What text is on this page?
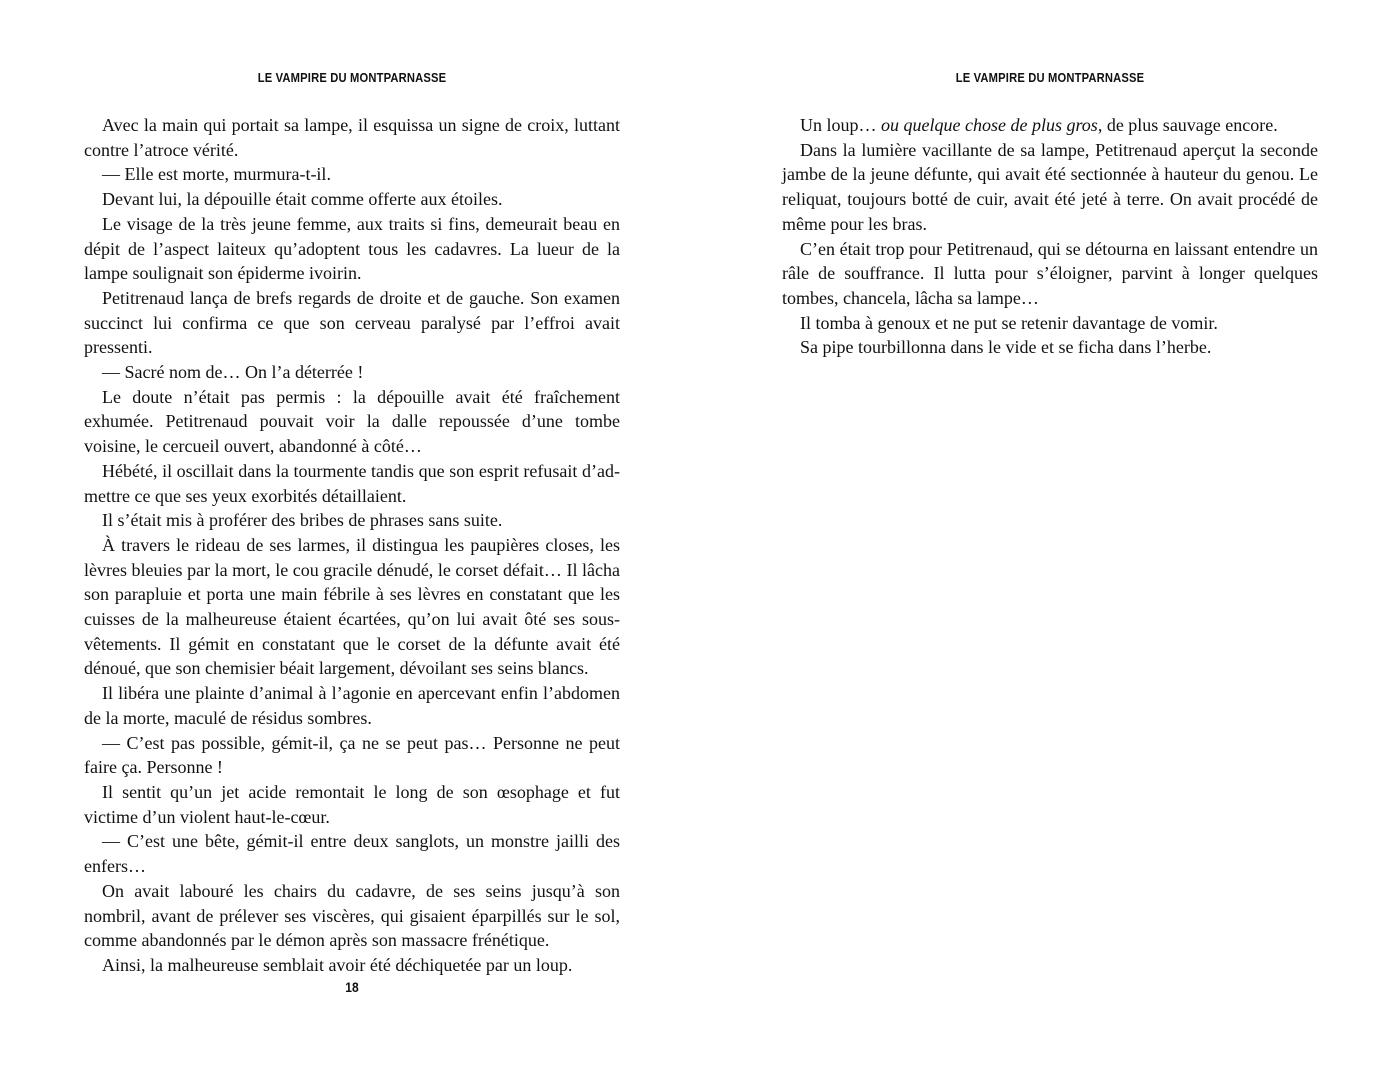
LE VAMPIRE DU MONTPARNASSE

Avec la main qui portait sa lampe, il esquissa un signe de croix, luttant contre l’atroce vérité.

— Elle est morte, murmura-t-il.

Devant lui, la dépouille était comme offerte aux étoiles.

Le visage de la très jeune femme, aux traits si fins, demeurait beau en dépit de l’aspect laiteux qu’adoptent tous les cadavres. La lueur de la lampe soulignait son épiderme ivoirin.

Petitrenaud lança de brefs regards de droite et de gauche. Son examen succinct lui confirma ce que son cerveau paralysé par l’effroi avait pressenti.

— Sacré nom de… On l’a déterrée !

Le doute n’était pas permis : la dépouille avait été fraîchement exhumée. Petitrenaud pouvait voir la dalle repoussée d’une tombe voisine, le cercueil ouvert, abandonné à côté…

Hébété, il oscillait dans la tourmente tandis que son esprit refusait d’admettre ce que ses yeux exorbités détaillaient.

Il s’était mis à proférer des bribes de phrases sans suite.

À travers le rideau de ses larmes, il distingua les paupières closes, les lèvres bleuies par la mort, le cou gracile dénudé, le corset défait… Il lâcha son parapluie et porta une main fébrile à ses lèvres en constatant que les cuisses de la malheureuse étaient écartées, qu’on lui avait ôté ses sous-vêtements. Il gémit en constatant que le corset de la défunte avait été dénoué, que son chemisier béait largement, dévoilant ses seins blancs.

Il libéra une plainte d’animal à l’agonie en apercevant enfin l’abdomen de la morte, maculé de résidus sombres.

— C’est pas possible, gémit-il, ça ne se peut pas… Personne ne peut faire ça. Personne !

Il sentit qu’un jet acide remontait le long de son œsophage et fut victime d’un violent haut-le-cœur.

— C’est une bête, gémit-il entre deux sanglots, un monstre jailli des enfers…

On avait labouré les chairs du cadavre, de ses seins jusqu’à son nombril, avant de prélever ses viscères, qui gisaient éparpillés sur le sol, comme abandonnés par le démon après son massacre frénétique.

Ainsi, la malheureuse semblait avoir été déchiquetée par un loup.

18
LE VAMPIRE DU MONTPARNASSE

Un loup… ou quelque chose de plus gros, de plus sauvage encore.

Dans la lumière vacillante de sa lampe, Petitrenaud aperçut la seconde jambe de la jeune défunte, qui avait été sectionnée à hauteur du genou. Le reliquat, toujours botté de cuir, avait été jeté à terre. On avait procédé de même pour les bras.

C’en était trop pour Petitrenaud, qui se détourna en laissant entendre un râle de souffrance. Il lutta pour s’éloigner, parvint à longer quelques tombes, chancela, lâcha sa lampe…

Il tomba à genoux et ne put se retenir davantage de vomir.

Sa pipe tourbillonna dans le vide et se ficha dans l’herbe.
